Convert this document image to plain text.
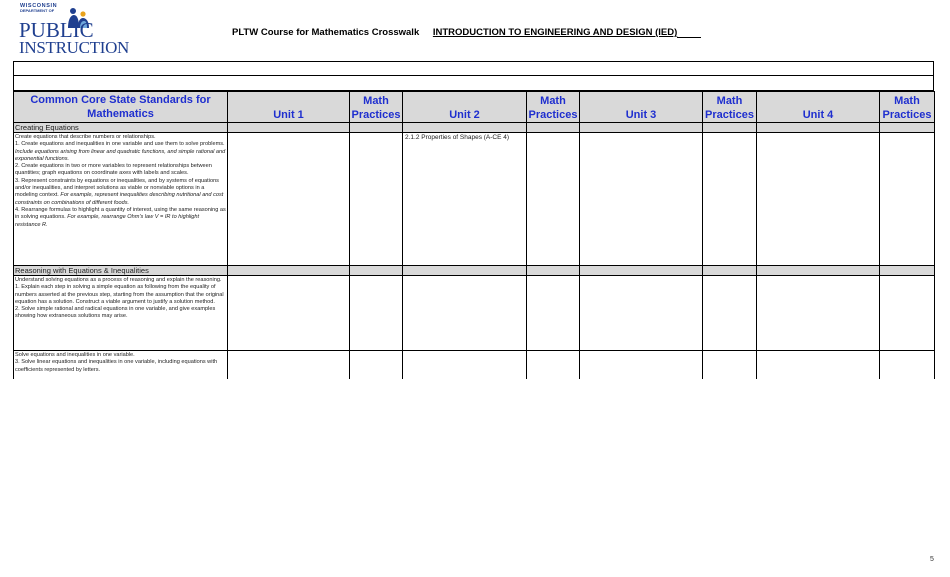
WISCONSIN
DEPARTMENT OF
PUBLIC
INSTRUCTION
PLTW Course for Mathematics Crosswalk INTRODUCTION TO ENGINEERING AND DESIGN (IED)
Common Core State Standards for Mathematics	Unit 1	Math Practices	Unit 2	Math Practices	Unit 3	Math Practices	Unit 4	Math Practices
Creating Equations								
Create equations that describe numbers or relationships.
1. Create equations and inequalities in one variable and use them to solve problems. Include equations arising from linear and quadratic functions, and simple rational and exponential functions.
2. Create equations in two or more variables to represent relationships between quantities; graph equations on coordinate axes with labels and scales.
3. Represent constraints by equations or inequalities, and by systems of equations and/or inequalities, and interpret solutions as viable or nonviable options in a modeling context. For example, represent inequalities describing nutritional and cost constraints on combinations of different foods.
4. Rearrange formulas to highlight a quantity of interest, using the same reasoning as in solving equations. For example, rearrange Ohm's law V = IR to highlight resistance R.			2.1.2 Properties of Shapes (A-CE 4)					
Reasoning with Equations & Inequalities								
Understand solving equations as a process of reasoning and explain the reasoning.
1. Explain each step in solving a simple equation as following from the equality of numbers asserted at the previous step, starting from the assumption that the original equation has a solution. Construct a viable argument to justify a solution method.
2. Solve simple rational and radical equations in one variable, and give examples showing how extraneous solutions may arise.								
Solve equations and inequalities in one variable.
3. Solve linear equations and inequalities in one variable, including equations with coefficients represented by letters.								
5
